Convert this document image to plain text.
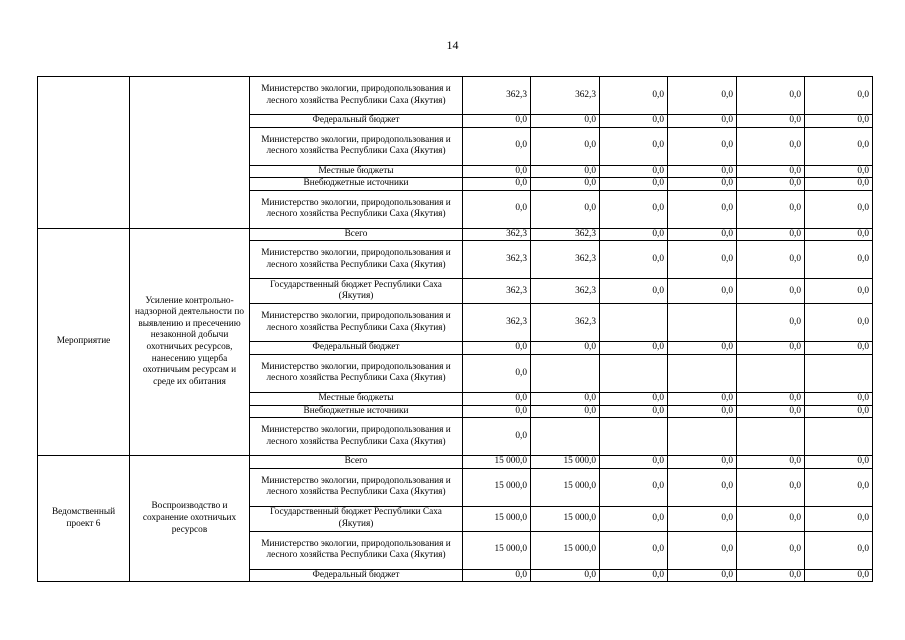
14
		Министерство экологии, природопользования и лесного хозяйства Республики Саха (Якутия)	362,3	362,3	0,0	0,0	0,0	0,0
		Федеральный бюджет	0,0	0,0	0,0	0,0	0,0	0,0
		Министерство экологии, природопользования и лесного хозяйства Республики Саха (Якутия)	0,0	0,0	0,0	0,0	0,0	0,0
		Местные бюджеты	0,0	0,0	0,0	0,0	0,0	0,0
		Внебюджетные источники	0,0	0,0	0,0	0,0	0,0	0,0
		Министерство экологии, природопользования и лесного хозяйства Республики Саха (Якутия)	0,0	0,0	0,0	0,0	0,0	0,0
Мероприятие	Усиление контрольно-надзорной деятельности по выявлению и пресечению незаконной добычи охотничьих ресурсов, нанесению ущерба охотничьим ресурсам и среде их обитания	Всего	362,3	362,3	0,0	0,0	0,0	0,0
		Министерство экологии, природопользования и лесного хозяйства Республики Саха (Якутия)	362,3	362,3	0,0	0,0	0,0	0,0
		Государственный бюджет Республики Саха (Якутия)	362,3	362,3	0,0	0,0	0,0	0,0
		Министерство экологии, природопользования и лесного хозяйства Республики Саха (Якутия)	362,3	362,3			0,0	0,0
		Федеральный бюджет	0,0	0,0	0,0	0,0	0,0	0,0
		Министерство экологии, природопользования и лесного хозяйства Республики Саха (Якутия)	0,0					
		Местные бюджеты	0,0	0,0	0,0	0,0	0,0	0,0
		Внебюджетные источники	0,0	0,0	0,0	0,0	0,0	0,0
		Министерство экологии, природопользования и лесного хозяйства Республики Саха (Якутия)	0,0					
Ведомственный проект 6	Воспроизводство и сохранение охотничьих ресурсов	Всего	15 000,0	15 000,0	0,0	0,0	0,0	0,0
		Министерство экологии, природопользования и лесного хозяйства Республики Саха (Якутия)	15 000,0	15 000,0	0,0	0,0	0,0	0,0
		Государственный бюджет Республики Саха (Якутия)	15 000,0	15 000,0	0,0	0,0	0,0	0,0
		Министерство экологии, природопользования и лесного хозяйства Республики Саха (Якутия)	15 000,0	15 000,0	0,0	0,0	0,0	0,0
		Федеральный бюджет	0,0	0,0	0,0	0,0	0,0	0,0
